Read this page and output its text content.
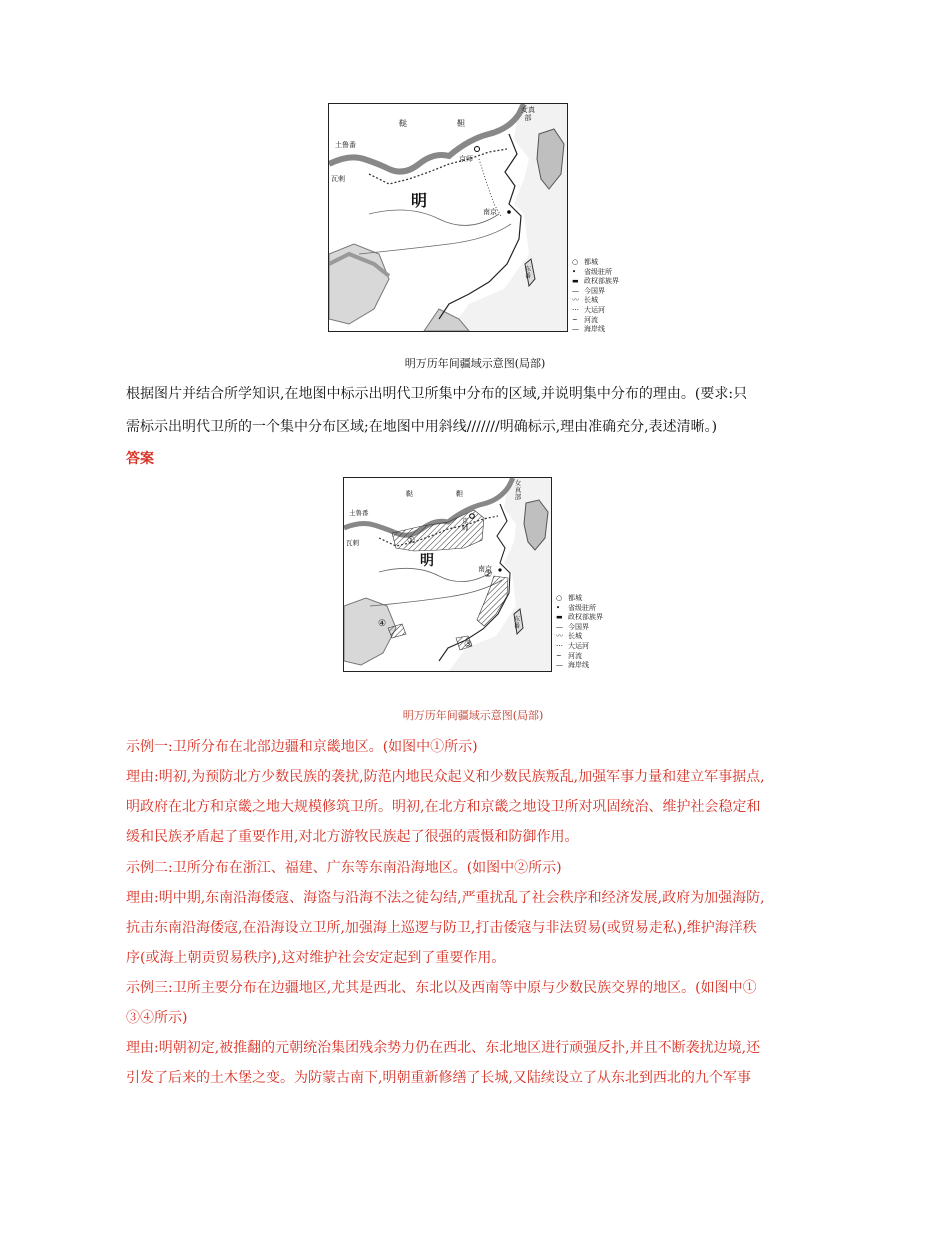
明
鞑	靼
土鲁番
瓦剌
京师
南京
女真部
东番
○ 都城
• 省级驻所
▬ 政权部族界
— 今国界
〰 长城
⋯ 大运河
~ 河流
— 海岸线
明万历年间疆域示意图(局部)
根据图片并结合所学知识,在地图中标示出明代卫所集中分布的区域,并说明集中分布的理由。(要求:只
需标示出明代卫所的一个集中分布区域;在地图中用斜线///////明确标示,理由准确充分,表述清晰。)
答案
明
鞑	靼
土鲁番
瓦剌
京师
南京
女真部
①
②
③
④	东番
○ 都城
• 省级驻所
▬ 政权部族界
— 今国界
〰 长城
⋯ 大运河
~ 河流
— 海岸线
明万历年间疆域示意图(局部)
示例一:卫所分布在北部边疆和京畿地区。(如图中①所示)
理由:明初,为预防北方少数民族的袭扰,防范内地民众起义和少数民族叛乱,加强军事力量和建立军事据点,
明政府在北方和京畿之地大规模修筑卫所。明初,在北方和京畿之地设卫所对巩固统治、维护社会稳定和
缓和民族矛盾起了重要作用,对北方游牧民族起了很强的震慑和防御作用。
示例二:卫所分布在浙江、福建、广东等东南沿海地区。(如图中②所示)
理由:明中期,东南沿海倭寇、海盗与沿海不法之徒勾结,严重扰乱了社会秩序和经济发展,政府为加强海防,
抗击东南沿海倭寇,在沿海设立卫所,加强海上巡逻与防卫,打击倭寇与非法贸易(或贸易走私),维护海洋秩
序(或海上朝贡贸易秩序),这对维护社会安定起到了重要作用。
示例三:卫所主要分布在边疆地区,尤其是西北、东北以及西南等中原与少数民族交界的地区。(如图中①
③④所示)
理由:明朝初定,被推翻的元朝统治集团残余势力仍在西北、东北地区进行顽强反扑,并且不断袭扰边境,还
引发了后来的土木堡之变。为防蒙古南下,明朝重新修缮了长城,又陆续设立了从东北到西北的九个军事
